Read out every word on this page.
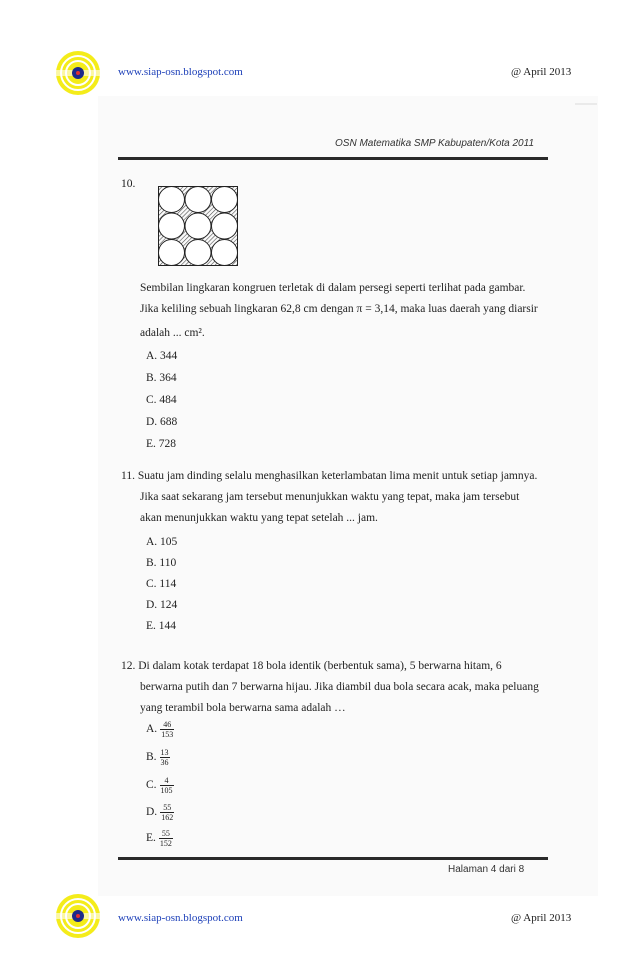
www.siap-osn.blogspot.com	@ April 2013
OSN Matematika SMP Kabupaten/Kota 2011
10.
Sembilan lingkaran kongruen terletak di dalam persegi seperti terlihat pada gambar.
Jika keliling sebuah lingkaran 62,8 cm dengan π = 3,14, maka luas daerah yang diarsir
adalah ... cm².
A. 344
B. 364
C. 484
D. 688
E. 728
11. Suatu jam dinding selalu menghasilkan keterlambatan lima menit untuk setiap jamnya.
Jika saat sekarang jam tersebut menunjukkan waktu yang tepat, maka jam tersebut
akan menunjukkan waktu yang tepat setelah ... jam.
A. 105
B. 110
C. 114
D. 124
E. 144
12. Di dalam kotak terdapat 18 bola identik (berbentuk sama), 5 berwarna hitam, 6
berwarna putih dan 7 berwarna hijau. Jika diambil dua bola secara acak, maka peluang
yang terambil bola berwarna sama adalah …
A. $\frac{46}{153}$
B. $\frac{13}{36}$
C. $\frac{4}{105}$
D. $\frac{55}{162}$
E. $\frac{55}{152}$
Halaman 4 dari 8
www.siap-osn.blogspot.com	@ April 2013
